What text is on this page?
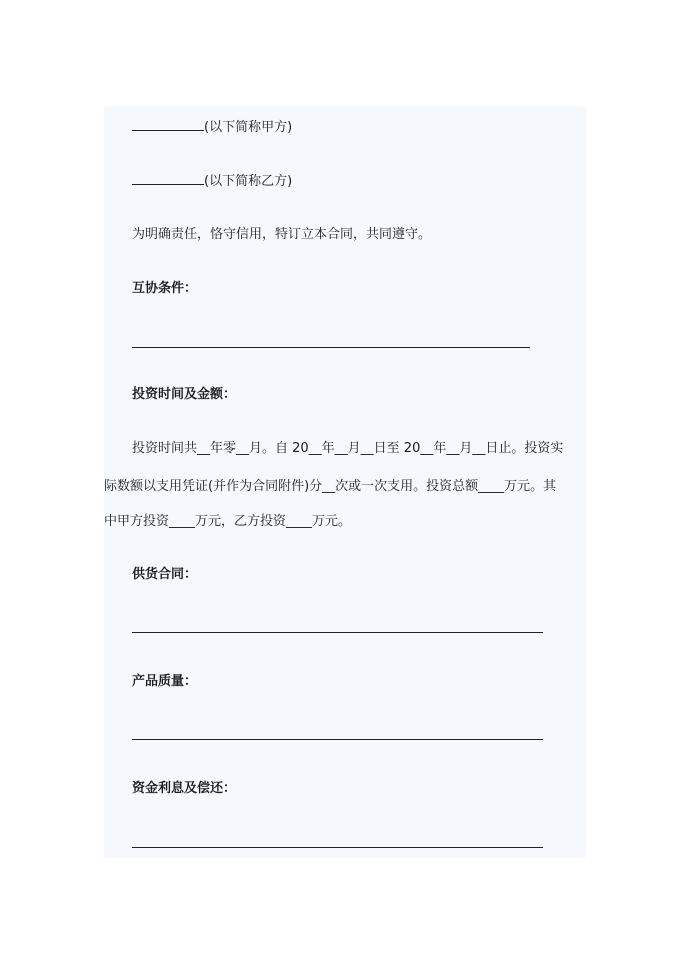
(以下简称甲方)
(以下简称乙方)
为明确责任，恪守信用，特订立本合同，共同遵守。
互协条件：
投资时间及金额：
投资时间共__年零__月。自 20__年__月__日至 20__年__月__日止。投资实
际数额以支用凭证(并作为合同附件)分__次或一次支用。投资总额____万元。其
中甲方投资____万元，乙方投资____万元。
供货合同：
产品质量：
资金利息及偿还：
